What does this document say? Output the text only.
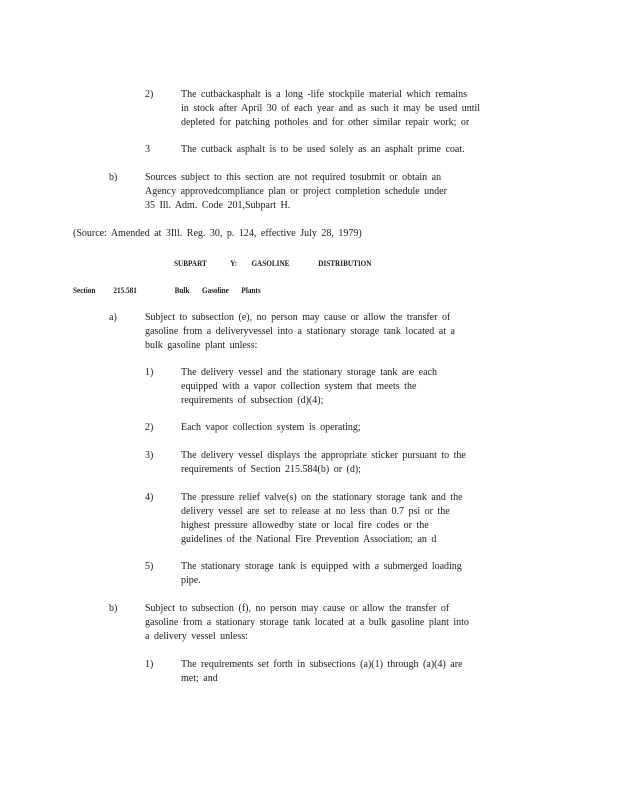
2)	The cutbackasphalt is a long -life stockpile material which remains
in stock after April 30 of each year and as such it may be used until
depleted for patching potholes and for other similar repair work; or
3	The cutback asphalt is to be used solely as an asphalt prime coat.
b)	Sources subject to this section are not required tosubmit or obtain an
Agency approvedcompliance plan or project completion schedule under
35 Ill. Adm. Code 201,Subpart H.
(Source: Amended at 3Ill. Reg. 30, p. 124, effective July 28, 1979)
SUBPART	Y: GASOLINE	DISTRIBUTION
Section 215.581	Bulk Gasoline Plants
a)	Subject to subsection (e), no person may cause or allow the transfer of
gasoline from a deliveryvessel into a stationary storage tank located at a
bulk gasoline plant unless:
1)	The delivery vessel and the stationary storage tank are each
equipped with a vapor collection system that meets the
requirements of subsection (d)(4);
2)	Each vapor collection system is operating;
3)	The delivery vessel displays the appropriate sticker pursuant to the
requirements of Section 215.584(b) or (d);
4)	The pressure relief valve(s) on the stationary storage tank and the
delivery vessel are set to release at no less than 0.7 psi or the
highest pressure allowedby state or local fire codes or the
guidelines of the National Fire Prevention Association; an d
5)	The stationary storage tank is equipped with a submerged loading
pipe.
b)	Subject to subsection (f), no person may cause or allow the transfer of
gasoline from a stationary storage tank located at a bulk gasoline plant into
a delivery vessel unless:
1)	The requirements set forth in subsections (a)(1) through (a)(4) are
met; and
